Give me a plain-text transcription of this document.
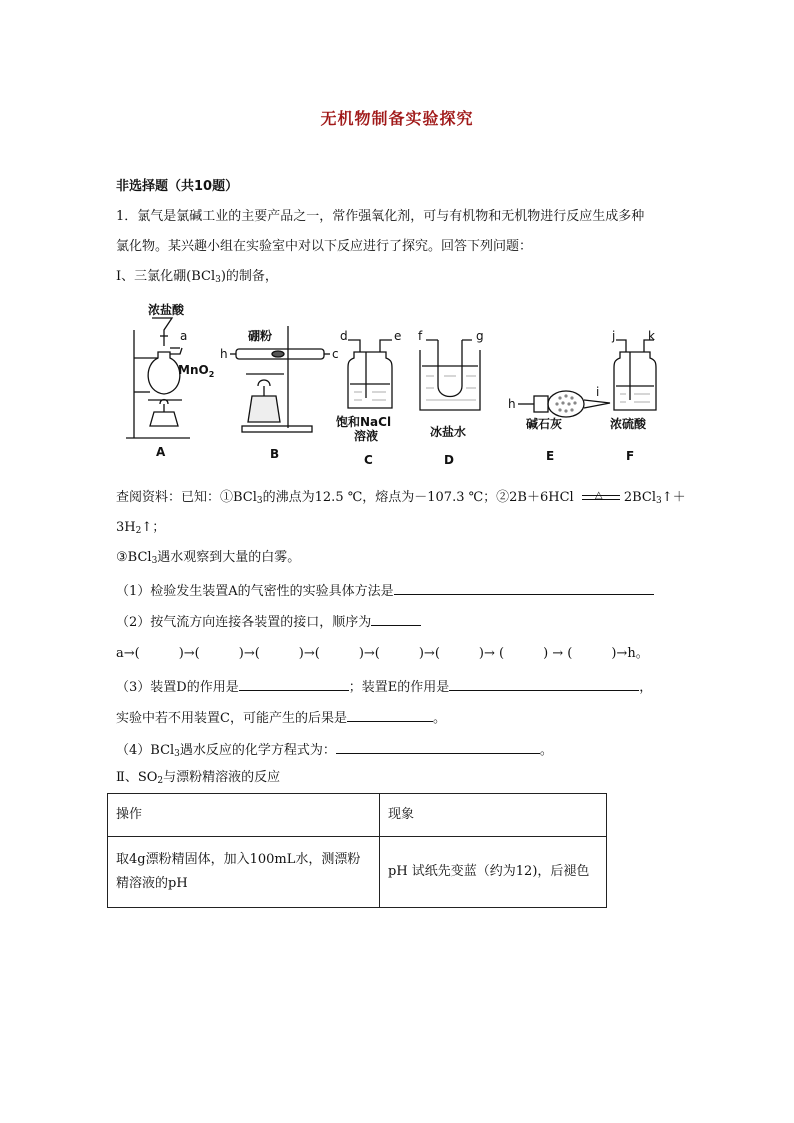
无机物制备实验探究
非选择题（共10题）
1．氯气是氯碱工业的主要产品之一，常作强氧化剂，可与有机物和无机物进行反应生成多种
氯化物。某兴趣小组在实验室中对以下反应进行了探究。回答下列问题：
Ⅰ、三氯化硼(BCl$_3$)的制备，
浓盐酸
a
MnO$_2$
硼粉
h	c
d	e
饱和NaCl
溶液
f	g
冰盐水
h
i
碱石灰
j	k
浓硫酸
A	B	C	D	E	F
查阅资料：已知：①BCl$_3$的沸点为12.5 ℃，熔点为－107.3 ℃；②2B＋6HCl △ 2BCl$_3$↑＋
$3H_2↑$；
③BCl$_3$遇水观察到大量的白雾。
（1）检验发生装置A的气密性的实验具体方法是
（2）按气流方向连接各装置的接口，顺序为
a→(　　　)→(　　　)→(　　　)→(　　　)→(　　　)→(　　　)→ (　　　) → (　　　)→h。
（3）装置D的作用是	；装置E的作用是	，
实验中若不用装置C，可能产生的后果是	。
（4）BCl$_3$遇水反应的化学方程式为：	。
Ⅱ、$SO_2$与漂粉精溶液的反应
操作	现象
取4g漂粉精固体，加入100mL水，测漂粉精溶液的pH	pH 试纸先变蓝（约为12)，后褪色
